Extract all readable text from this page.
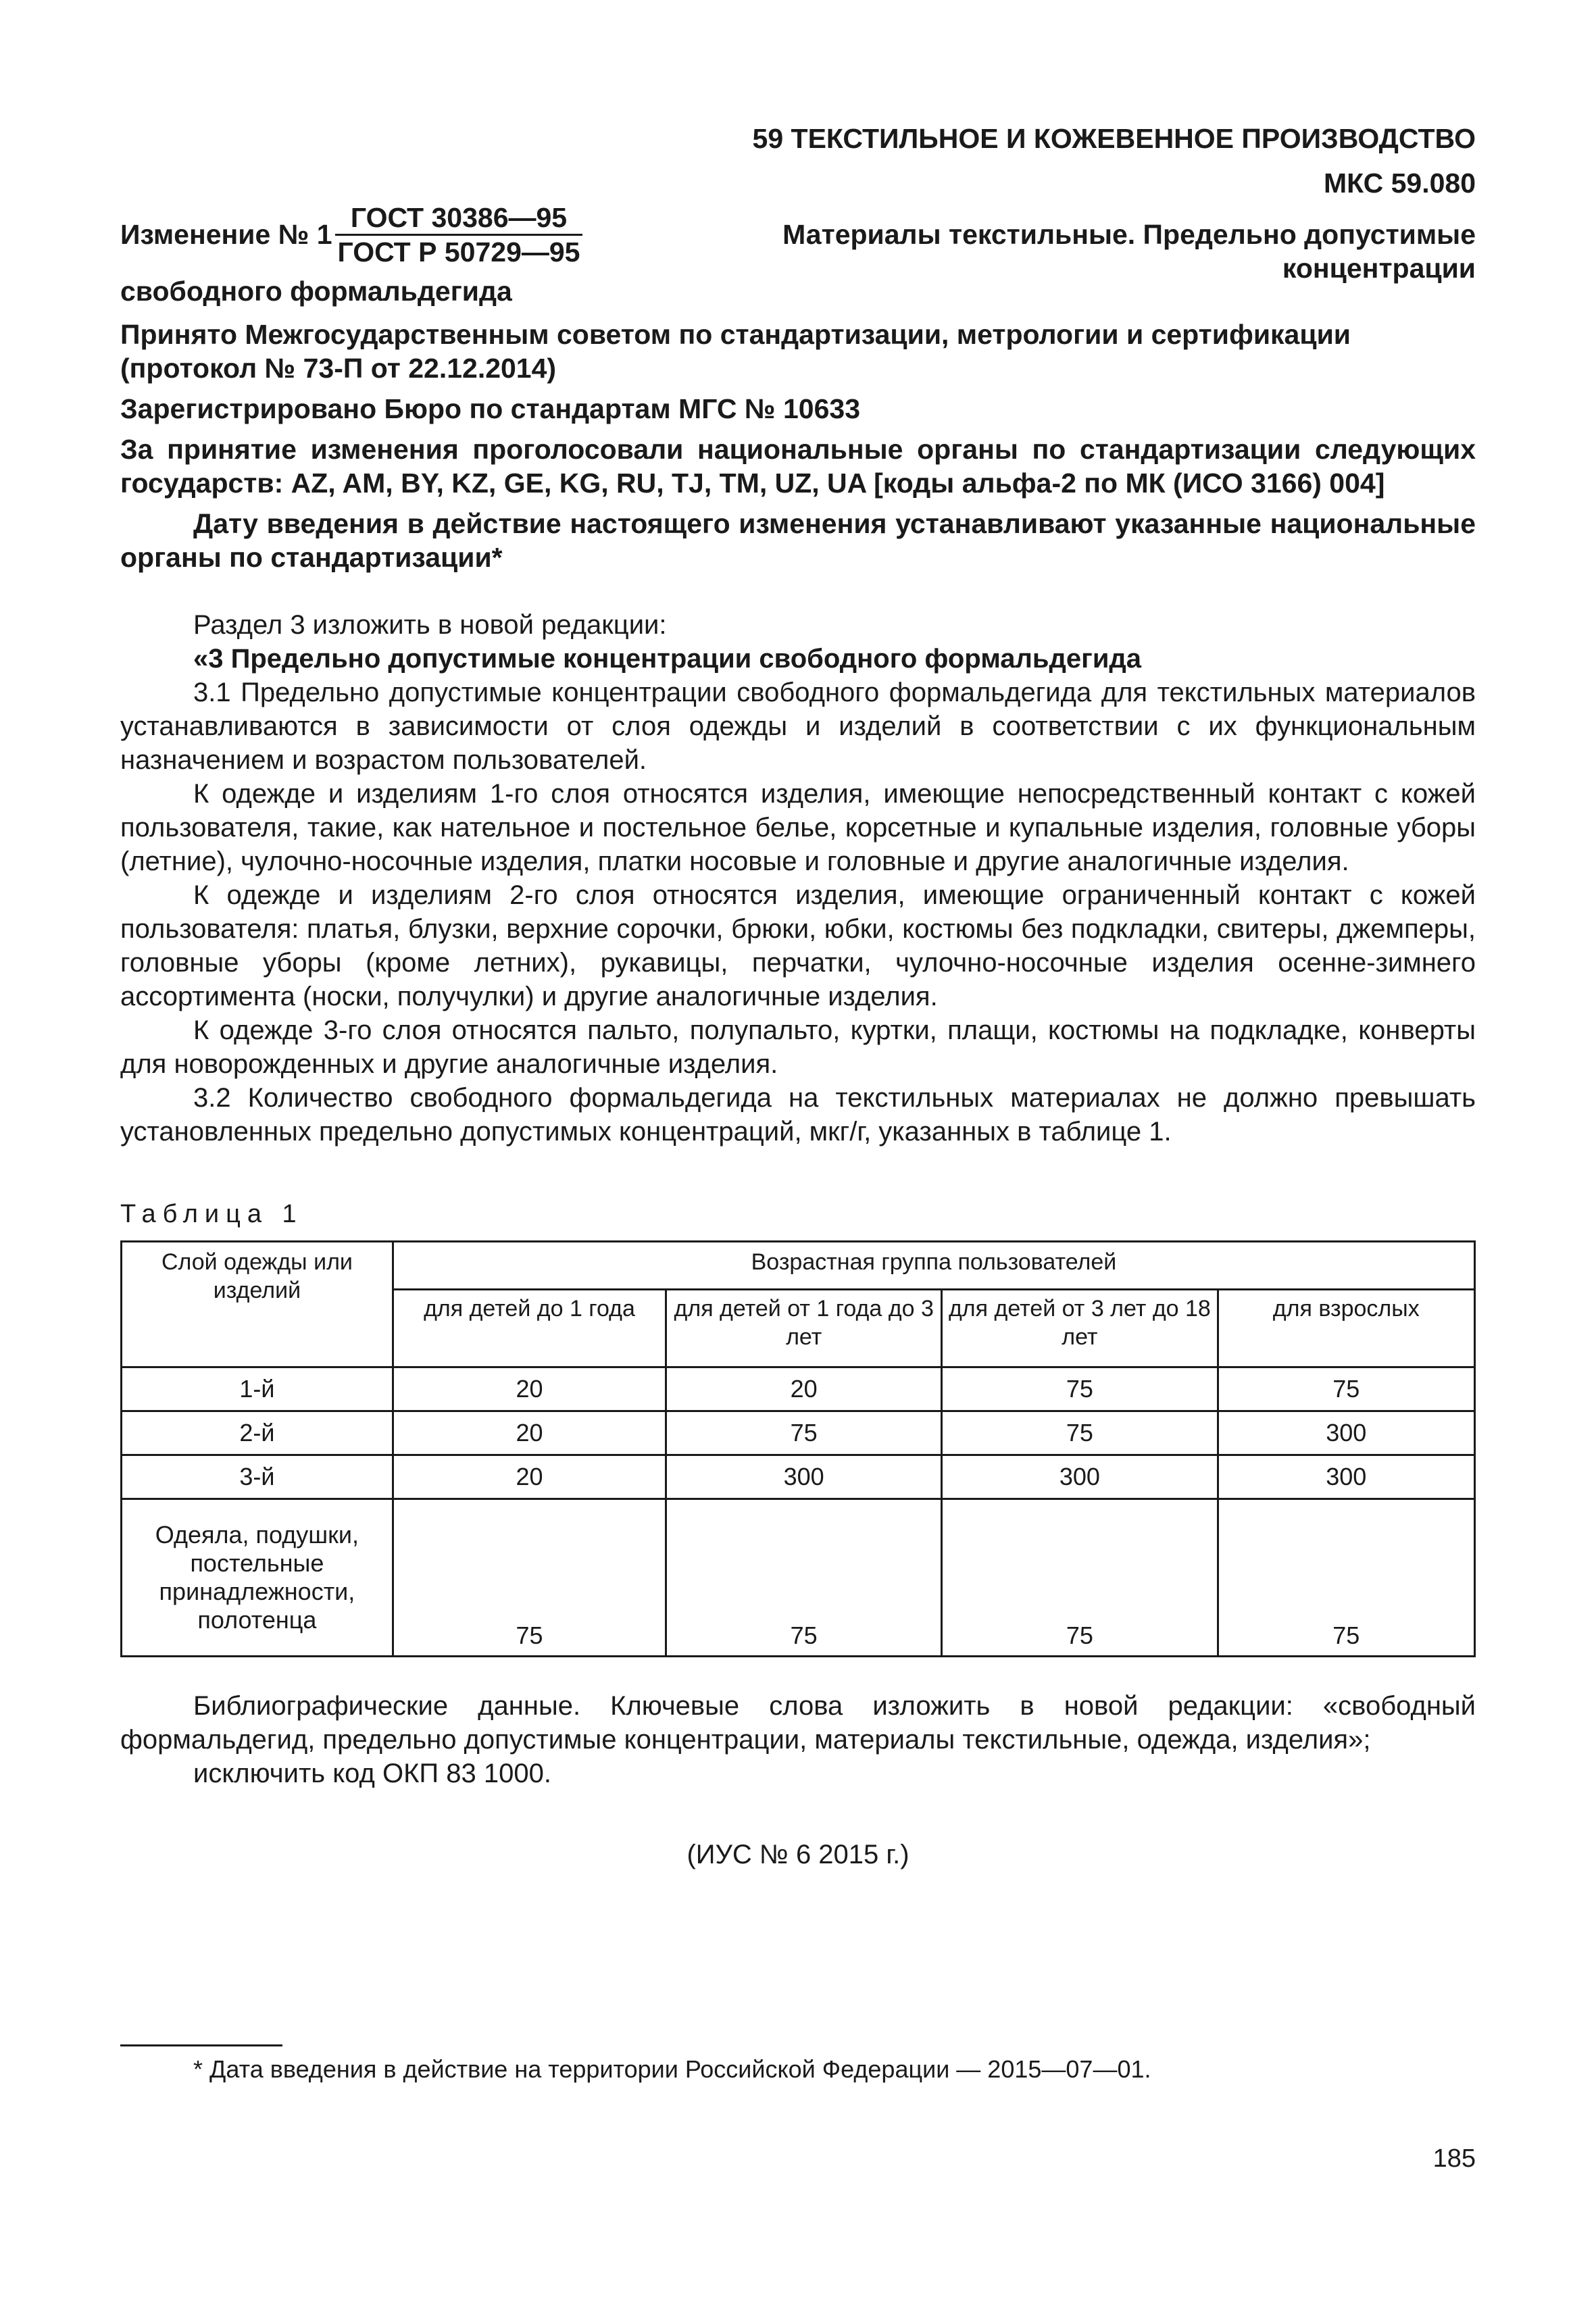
59 ТЕКСТИЛЬНОЕ И КОЖЕВЕННОЕ ПРОИЗВОДСТВО
МКС 59.080
Изменение № 1
ГОСТ 30386—95
ГОСТ Р 50729—95
Материалы текстильные. Предельно допустимые концентрации
свободного формальдегида

Принято Межгосударственным советом по стандартизации, метрологии и сертификации (протокол № 73-П от 22.12.2014)

Зарегистрировано Бюро по стандартам МГС № 10633

За принятие изменения проголосовали национальные органы по стандартизации следующих государств: AZ, AM, BY, KZ, GE, KG, RU, TJ, TM, UZ, UA [коды альфа-2 по МК (ИСО 3166) 004]

Дату введения в действие настоящего изменения устанавливают указанные национальные органы по стандартизации*

Раздел 3 изложить в новой редакции:

«3 Предельно допустимые концентрации свободного формальдегида

3.1 Предельно допустимые концентрации свободного формальдегида для текстильных материалов устанавливаются в зависимости от слоя одежды и изделий в соответствии с их функциональным назначением и возрастом пользователей.

К одежде и изделиям 1-го слоя относятся изделия, имеющие непосредственный контакт с кожей пользователя, такие, как нательное и постельное белье, корсетные и купальные изделия, головные уборы (летние), чулочно-носочные изделия, платки носовые и головные и другие аналогичные изделия.

К одежде и изделиям 2-го слоя относятся изделия, имеющие ограниченный контакт с кожей пользователя: платья, блузки, верхние сорочки, брюки, юбки, костюмы без подкладки, свитеры, джемперы, головные уборы (кроме летних), рукавицы, перчатки, чулочно-носочные изделия осенне-зимнего ассортимента (носки, получулки) и другие аналогичные изделия.

К одежде 3-го слоя относятся пальто, полупальто, куртки, плащи, костюмы на подкладке, конверты для новорожденных и другие аналогичные изделия.

3.2 Количество свободного формальдегида на текстильных материалах не должно превышать установленных предельно допустимых концентраций, мкг/г, указанных в таблице 1.

Таблица 1
Слой одежды или изделий	Возрастная группа пользователей			
	для детей до 1 года	для детей от 1 года до 3 лет	для детей от 3 лет до 18 лет	для взрослых
1-й	20	20	75	75
2-й	20	75	75	300
3-й	20	300	300	300
Одеяла, подушки, постельные принадлежности, полотенца	75	75	75	75

Библиографические данные. Ключевые слова изложить в новой редакции: «свободный формальдегид, предельно допустимые концентрации, материалы текстильные, одежда, изделия»;

исключить код ОКП 83 1000.

(ИУС № 6 2015 г.)
* Дата введения в действие на территории Российской Федерации — 2015—07—01.
185
